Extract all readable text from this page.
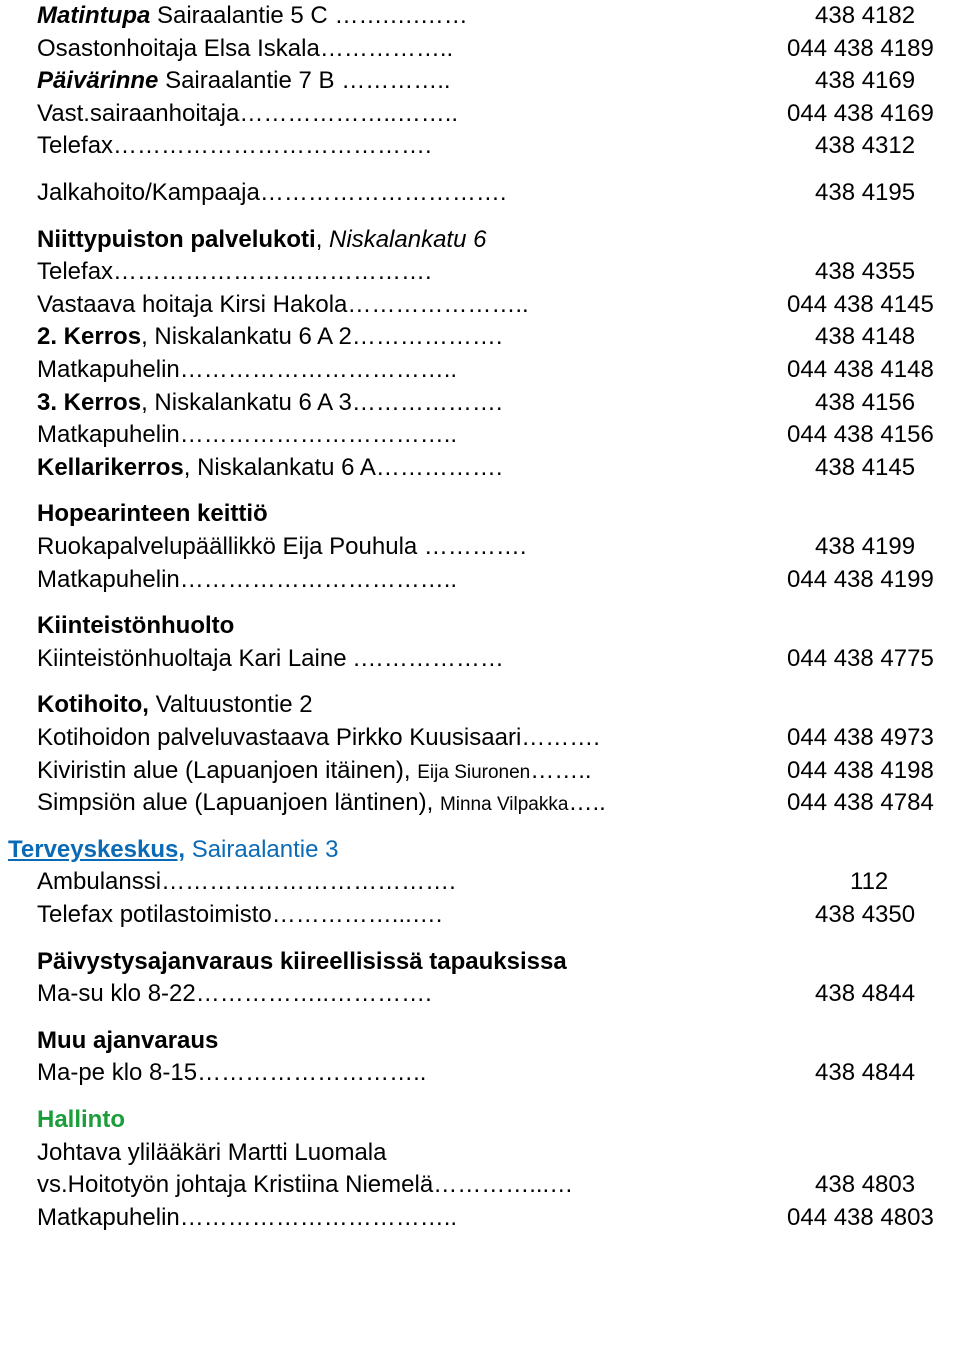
Matintupa Sairaalantie 5 C …….….……	438 4182
Osastonhoitaja Elsa Iskala……………..	044 438 4189
Päivärinne Sairaalantie 7 B …………..	438 4169
Vast.sairaanhoitaja………………..……..	044 438 4169
Telefax………………………………….	438 4312
Jalkahoito/Kampaaja………………………….	438 4195
Niittypuiston palvelukoti, Niskalankatu 6
Telefax………………………………….	438 4355
Vastaava hoitaja Kirsi Hakola…………………..	044 438 4145
2. Kerros, Niskalankatu 6 A 2……………….	438 4148
Matkapuhelin……………………………..	044 438 4148
3. Kerros, Niskalankatu 6 A 3……………….	438 4156
Matkapuhelin……………………………..	044 438 4156
Kellarikerros, Niskalankatu 6 A…………….	438 4145
Hopearinteen keittiö
Ruokapalvelupäällikkö Eija Pouhula ………….	438 4199
Matkapuhelin……………………………..	044 438 4199
Kiinteistönhuolto
Kiinteistönhuoltaja Kari Laine .………………	044 438 4775
Kotihoito, Valtuustontie 2
Kotihoidon palveluvastaava Pirkko Kuusisaari……….	044 438 4973
Kiviristin alue (Lapuanjoen itäinen), Eija Siuronen……..	044 438 4198
Simpsiön alue (Lapuanjoen läntinen), Minna Vilpakka…..	044 438 4784
Terveyskeskus, Sairaalantie 3
Ambulanssi……………………………….	112
Telefax potilastoimisto……………...….	438 4350
Päivystysajanvaraus kiireellisissä tapauksissa
Ma-su klo 8-22……………..………….	438 4844
Muu ajanvaraus
Ma-pe klo 8-15………………………..	438 4844
Hallinto
Johtava ylilääkäri Martti Luomala
vs.Hoitotyön johtaja Kristiina Niemelä…………...…	438 4803
Matkapuhelin……………………………..	044 438 4803
